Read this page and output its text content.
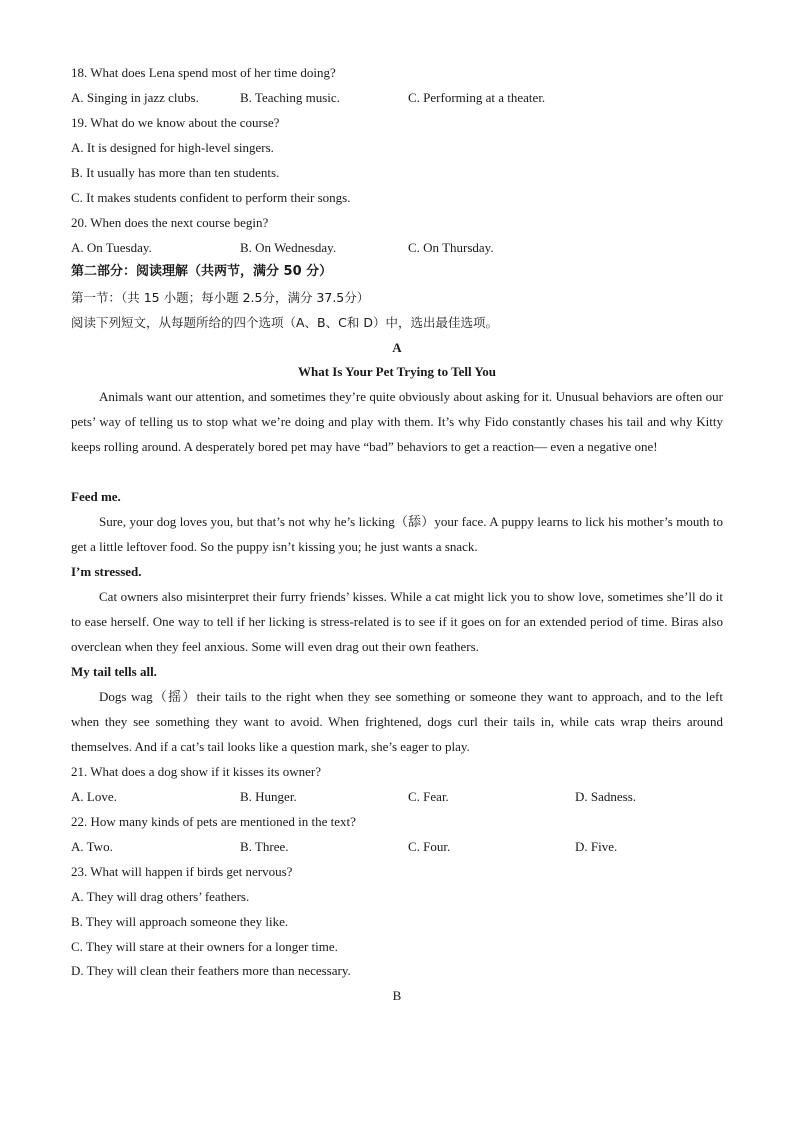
18. What does Lena spend most of her time doing?
A. Singing in jazz clubs.	B. Teaching music.	C. Performing at a theater.
19. What do we know about the course?
A. It is designed for high-level singers.
B. It usually has more than ten students.
C. It makes students confident to perform their songs.
20. When does the next course begin?
A. On Tuesday.	B. On Wednesday.	C. On Thursday.
第二部分：阅读理解（共两节，满分 50 分）
第一节：（共 15 小题；每小题 2.5分，满分 37.5分）
阅读下列短文，从每题所给的四个选项（A、B、C和 D）中，选出最佳选项。
A
What Is Your Pet Trying to Tell You
Animals want our attention, and sometimes they’re quite obviously about asking for it. Unusual behaviors are often our pets’ way of telling us to stop what we’re doing and play with them. It’s why Fido constantly chases his tail and why Kitty keeps rolling around. A desperately bored pet may have “bad” behaviors to get a reaction— even a negative one!
Feed me.
Sure, your dog loves you, but that’s not why he’s licking（舔）your face. A puppy learns to lick his mother’s mouth to get a little leftover food. So the puppy isn’t kissing you; he just wants a snack.
I’m stressed.
Cat owners also misinterpret their furry friends’ kisses. While a cat might lick you to show love, sometimes she’ll do it to ease herself. One way to tell if her licking is stress-related is to see if it goes on for an extended period of time. Biras also overclean when they feel anxious. Some will even drag out their own feathers.
My tail tells all.
Dogs wag（摇）their tails to the right when they see something or someone they want to approach, and to the left when they see something they want to avoid. When frightened, dogs curl their tails in, while cats wrap theirs around themselves. And if a cat’s tail looks like a question mark, she’s eager to play.
21. What does a dog show if it kisses its owner?
A. Love.	B. Hunger.	C. Fear.	D. Sadness.
22. How many kinds of pets are mentioned in the text?
A. Two.	B. Three.	C. Four.	D. Five.
23. What will happen if birds get nervous?
A. They will drag others’ feathers.
B. They will approach someone they like.
C. They will stare at their owners for a longer time.
D. They will clean their feathers more than necessary.
B
